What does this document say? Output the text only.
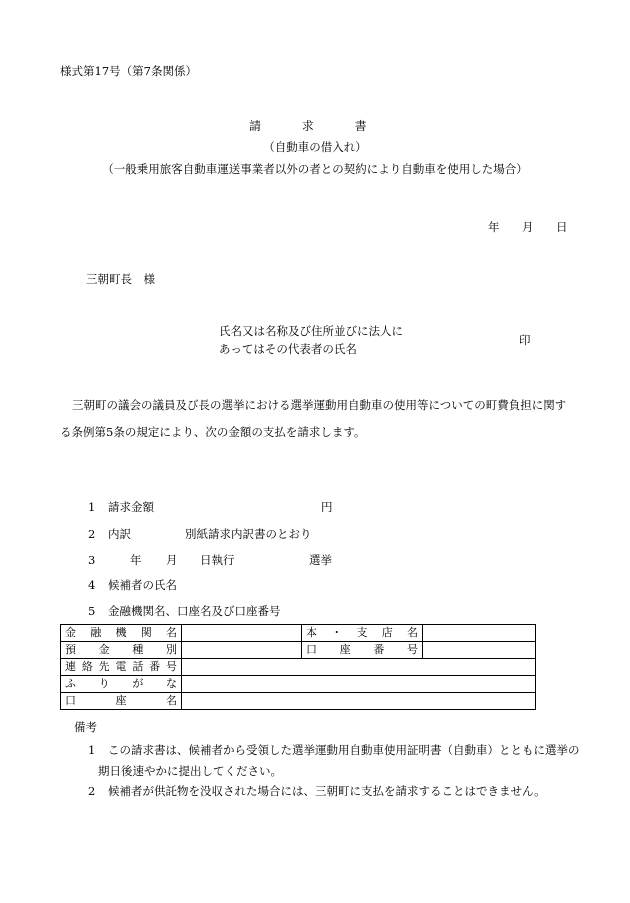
様式第17号（第7条関係）
請　求　書
（自動車の借入れ）
（一般乗用旅客自動車運送事業者以外の者との契約により自動車を使用した場合）
年 月 日
三朝町長　様
氏名又は名称及び住所並びに法人に
あってはその代表者の氏名
印
三朝町の議会の議員及び長の選挙における選挙運動用自動車の使用等についての町費負担に関する条例第5条の規定により、次の金額の支払を請求します。
1 請求金額	円
2 内訳	別紙請求内訳書のとおり
3	年 月 日執行	選挙
4 候補者の氏名
5 金融機関名、口座名及び口座番号
金融機関名		本・支店名	
預金種別		口座番号	
連絡先電話番号			
ふりがな			
口座名			
備考
1 この請求書は、候補者から受領した選挙運動用自動車使用証明書（自動車）とともに選挙の
期日後速やかに提出してください。
2 候補者が供託物を没収された場合には、三朝町に支払を請求することはできません。
